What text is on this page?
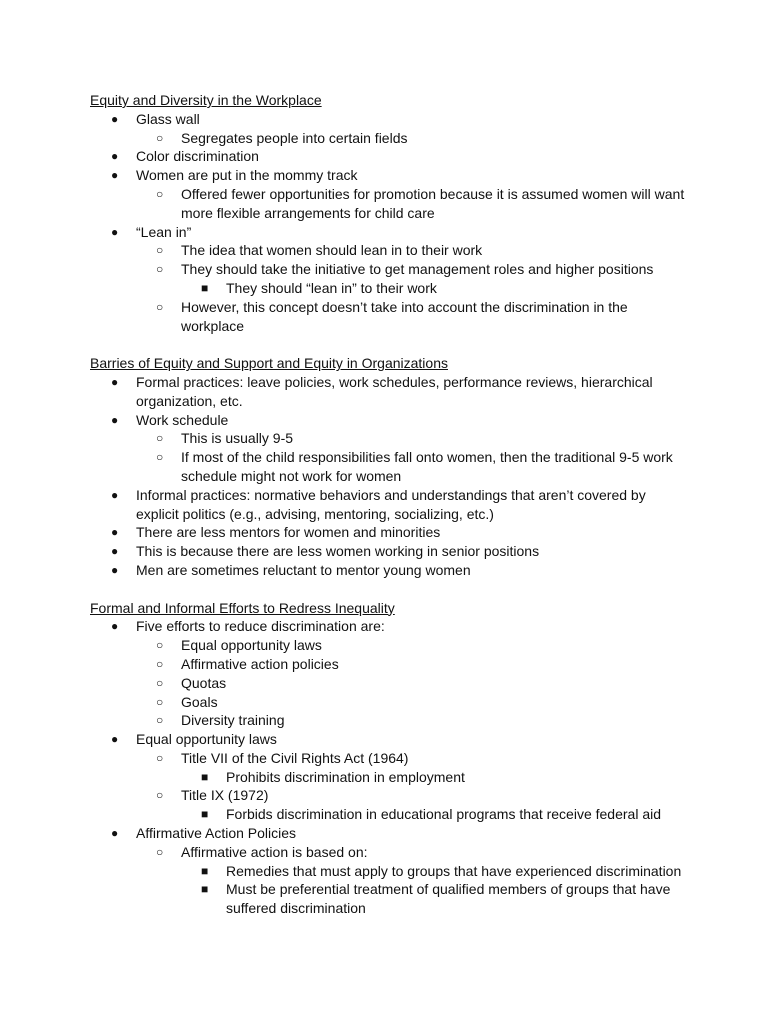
Equity and Diversity in the Workplace
● Glass wall
○ Segregates people into certain fields
● Color discrimination
● Women are put in the mommy track
○ Offered fewer opportunities for promotion because it is assumed women will want more flexible arrangements for child care
● “Lean in”
○ The idea that women should lean in to their work
○ They should take the initiative to get management roles and higher positions
■ They should “lean in” to their work
○ However, this concept doesn’t take into account the discrimination in the workplace
Barries of Equity and Support and Equity in Organizations
● Formal practices: leave policies, work schedules, performance reviews, hierarchical organization, etc.
● Work schedule
○ This is usually 9-5
○ If most of the child responsibilities fall onto women, then the traditional 9-5 work schedule might not work for women
● Informal practices: normative behaviors and understandings that aren’t covered by explicit politics (e.g., advising, mentoring, socializing, etc.)
● There are less mentors for women and minorities
● This is because there are less women working in senior positions
● Men are sometimes reluctant to mentor young women
Formal and Informal Efforts to Redress Inequality
● Five efforts to reduce discrimination are:
○ Equal opportunity laws
○ Affirmative action policies
○ Quotas
○ Goals
○ Diversity training
● Equal opportunity laws
○ Title VII of the Civil Rights Act (1964)
■ Prohibits discrimination in employment
○ Title IX (1972)
■ Forbids discrimination in educational programs that receive federal aid
● Affirmative Action Policies
○ Affirmative action is based on:
■ Remedies that must apply to groups that have experienced discrimination
■ Must be preferential treatment of qualified members of groups that have suffered discrimination
